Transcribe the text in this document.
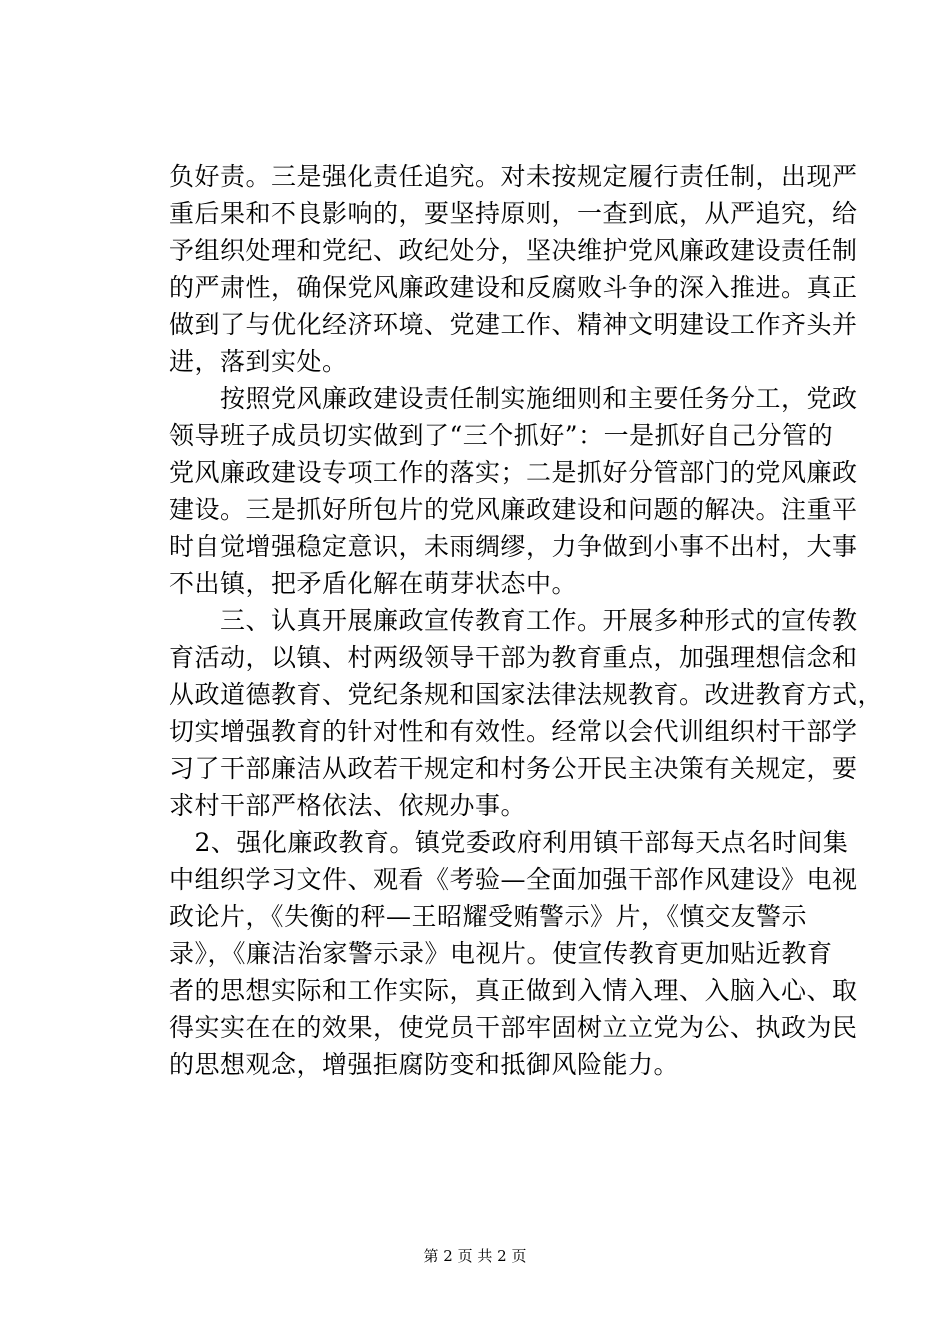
负好责。三是强化责任追究。对未按规定履行责任制，出现严
重后果和不良影响的，要坚持原则，一查到底，从严追究，给
予组织处理和党纪、政纪处分，坚决维护党风廉政建设责任制
的严肃性，确保党风廉政建设和反腐败斗争的深入推进。真正
做到了与优化经济环境、党建工作、精神文明建设工作齐头并
进，落到实处。
　　按照党风廉政建设责任制实施细则和主要任务分工，党政
领导班子成员切实做到了“三个抓好”：一是抓好自己分管的
党风廉政建设专项工作的落实；二是抓好分管部门的党风廉政
建设。三是抓好所包片的党风廉政建设和问题的解决。注重平
时自觉增强稳定意识，未雨绸缪，力争做到小事不出村，大事
不出镇，把矛盾化解在萌芽状态中。
　　三、认真开展廉政宣传教育工作。开展多种形式的宣传教
育活动，以镇、村两级领导干部为教育重点，加强理想信念和
从政道德教育、党纪条规和国家法律法规教育。改进教育方式，
切实增强教育的针对性和有效性。经常以会代训组织村干部学
习了干部廉洁从政若干规定和村务公开民主决策有关规定，要
求村干部严格依法、依规办事。
　2、强化廉政教育。镇党委政府利用镇干部每天点名时间集
中组织学习文件、观看《考验—全面加强干部作风建设》电视
政论片，《失衡的秤—王昭耀受贿警示》片，《慎交友警示
录》，《廉洁治家警示录》电视片。使宣传教育更加贴近教育
者的思想实际和工作实际，真正做到入情入理、入脑入心、取
得实实在在的效果，使党员干部牢固树立立党为公、执政为民
的思想观念，增强拒腐防变和抵御风险能力。
第 2 页 共 2 页
